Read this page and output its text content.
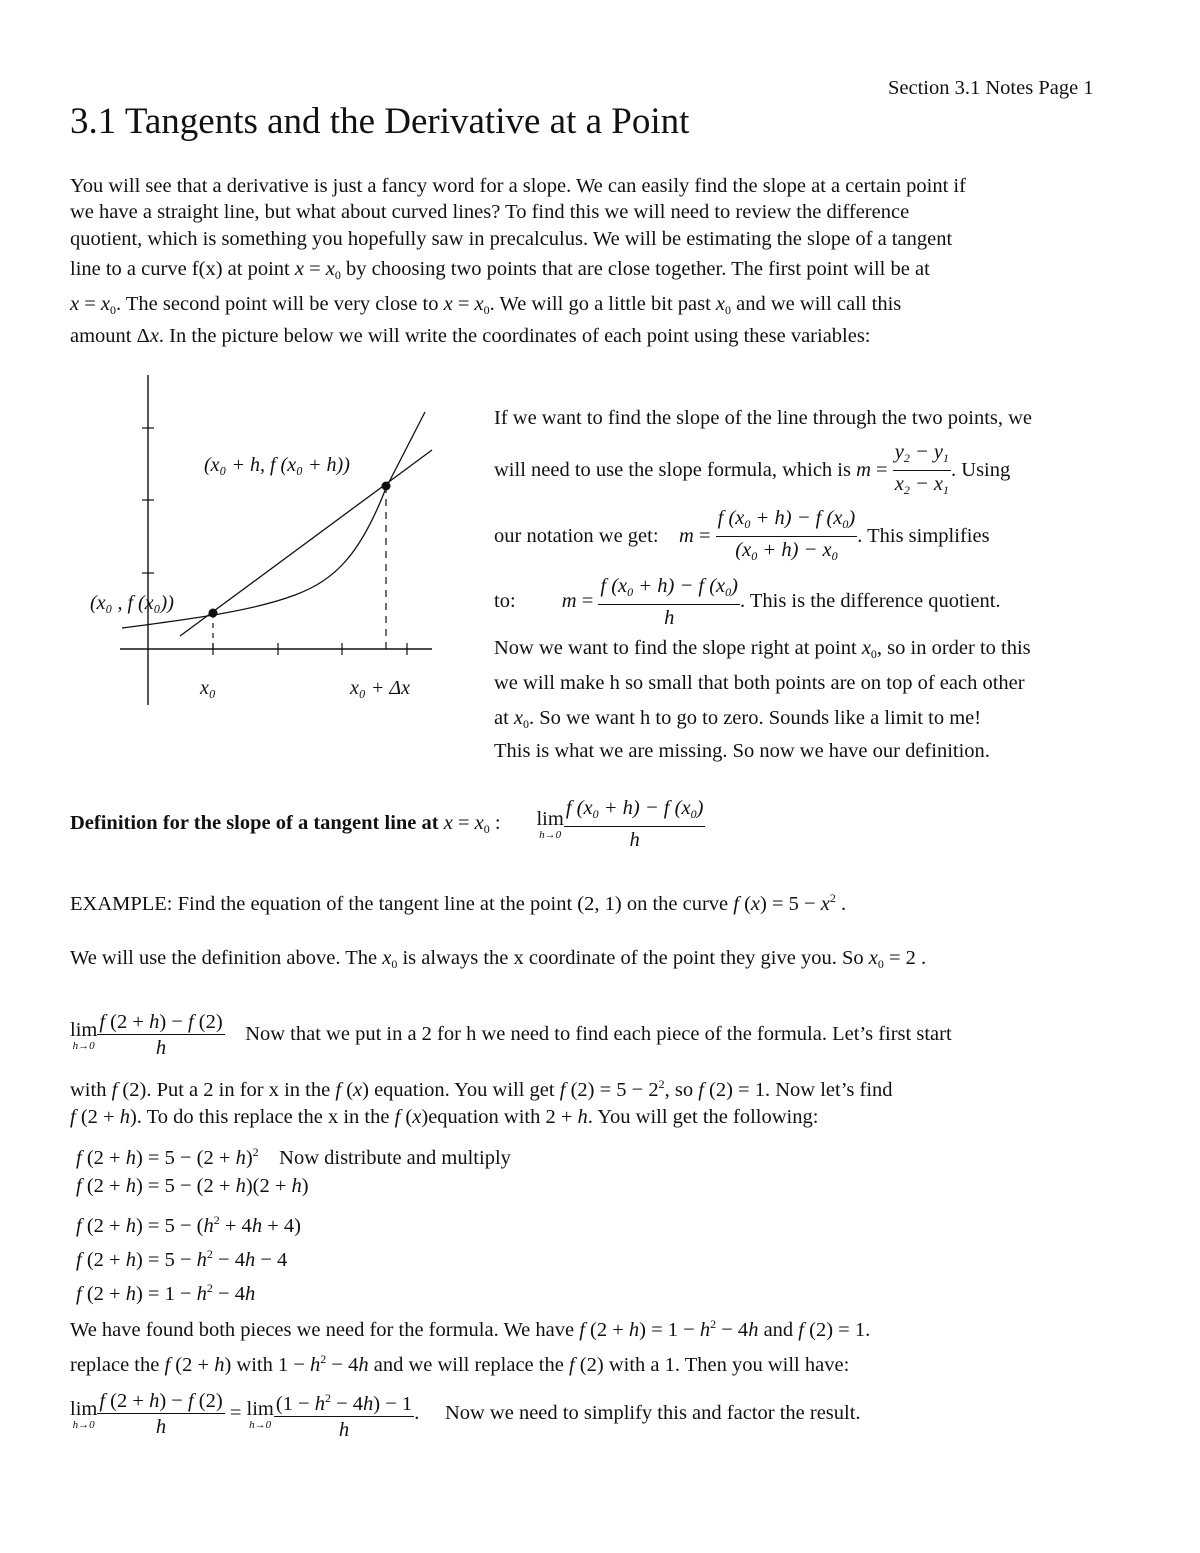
Section 3.1 Notes Page 1
3.1 Tangents and the Derivative at a Point
You will see that a derivative is just a fancy word for a slope. We can easily find the slope at a certain point if
we have a straight line, but what about curved lines? To find this we will need to review the difference
quotient, which is something you hopefully saw in precalculus. We will be estimating the slope of a tangent
line to a curve f(x) at point $x = x_0$ by choosing two points that are close together. The first point will be at
$x = x_0$. The second point will be very close to $x = x_0$. We will go a little bit past $x_0$ and we will call this
amount Δx. In the picture below we will write the coordinates of each point using these variables:
(x₀ + h, f (x₀ + h))
(x₀ , f (x₀))
x₀	x₀ + Δx
If we want to find the slope of the line through the two points, we
will need to use the slope formula, which is $m = \frac{y_2 - y_1}{x_2 - x_1}$ . Using
our notation we get: $m = \frac{f (x_0 + h) - f (x_0)}{(x_0 + h) - x_0}$ . This simplifies
to: $m = \frac{f (x_0 + h) - f (x_0)}{h}$ . This is the difference quotient.
Now we want to find the slope right at point $x_0$, so in order to this
we will make h so small that both points are on top of each other
at $x_0$. So we want h to go to zero. Sounds like a limit to me!
This is what we are missing. So now we have our definition.
Definition for the slope of a tangent line at $x = x_0$ :       lim
$h\to 0 \frac{f (x_0 + h) - f (x_0)}{h}$
EXAMPLE: Find the equation of the tangent line at the point (2, 1) on the curve f $(x) = 5 - x^2$ .
We will use the definition above. The $x_0$ is always the x coordinate of the point they give you. So $x_0 = 2$ .
lim
$h\to 0 \frac{f (2 + h) - f (2)}{h}$ Now that we put in a 2 for h we need to find each piece of the formula. Let’s first start
with f (2). Put a 2 in for x in the f (x) equation. You will get f $(2) = 5 - 2^2$, so f (2) = 1. Now let’s find
f (2 + h). To do this replace the x in the f (x)equation with 2 + h. You will get the following:
f $(2 + h) = 5 - (2 + h)^2$ Now distribute and multiply
f (2 + h) = 5 − (2 + h)(2 + h)
f $(2 + h) = 5 - (h^2 + 4h + 4)$
f $(2 + h) = 5 - h^2 - 4h - 4$
f $(2 + h) = 1 - h^2 - 4h$
We have found both pieces we need for the formula. We have f $(2 + h) = 1 - h^2 - 4h$ and f (2) = 1.
replace the f (2 + h) with $1 - h^2 - 4h$ and we will replace the f (2) with a 1. Then you will have:
lim
$h\to 0 \frac{f (2 + h) - f (2)}{h} = \lim$
$h\to 0 \frac{(1 - h^2 - 4h) - 1}{h}$ .     Now we need to simplify this and factor the result.
